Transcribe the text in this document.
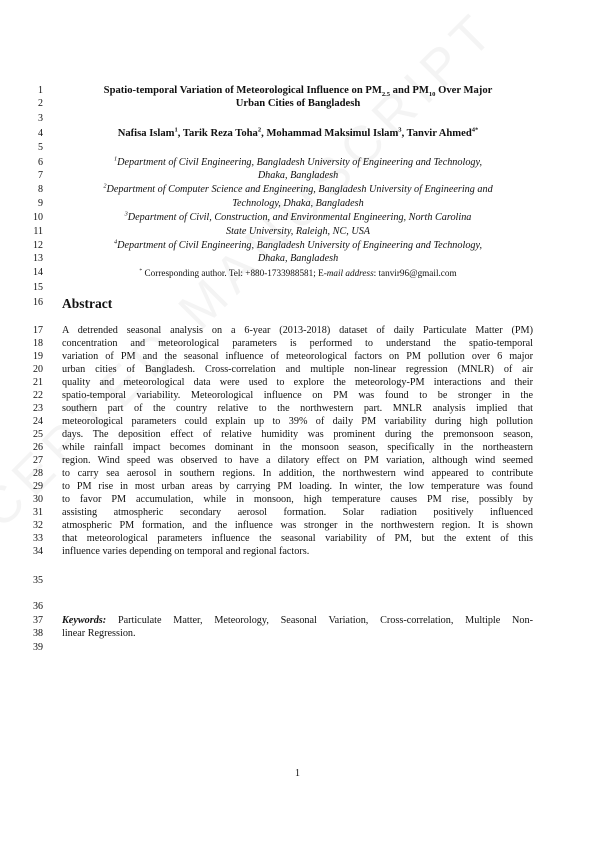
1
2
3
4
5
6
7
8
9
10
11
12
13
14
15
16
17
18
19
20
21
22
23
24
25
26
27
28
29
30
31
32
33
34
35
36
37
38
39
Spatio-temporal Variation of Meteorological Influence on $PM_{2.5}$ and $PM_{10}$ Over Major
Urban Cities of Bangladesh
Nafisa Islam$^1$, Tarik Reza Toha$^2$, Mohammad Maksimul Islam$^3$, Tanvir Ahmed$^{4*}$
$^1$Department of Civil Engineering, Bangladesh University of Engineering and Technology,
Dhaka, Bangladesh
$^2$Department of Computer Science and Engineering, Bangladesh University of Engineering and
Technology, Dhaka, Bangladesh
$^3$Department of Civil, Construction, and Environmental Engineering, North Carolina
State University, Raleigh, NC, USA
$^4$Department of Civil Engineering, Bangladesh University of Engineering and Technology,
Dhaka, Bangladesh
* Corresponding author. Tel: +880-1733988581; E-mail address: tanvir96@gmail.com
Abstract
A detrended seasonal analysis on a 6-year (2013-2018) dataset of daily Particulate Matter (PM)
concentration and meteorological parameters is performed to understand the spatio-temporal
variation of PM and the seasonal influence of meteorological factors on PM pollution over 6 major
urban cities of Bangladesh. Cross-correlation and multiple non-linear regression (MNLR) of air
quality and meteorological data were used to explore the meteorology-PM interactions and their
spatio-temporal variability. Meteorological influence on PM was found to be stronger in the
southern part of the country relative to the northwestern part. MNLR analysis implied that
meteorological parameters could explain up to 39% of daily PM variability during high pollution
days. The deposition effect of relative humidity was prominent during the premonsoon season,
while rainfall impact becomes dominant in the monsoon season, specifically in the northeastern
region. Wind speed was observed to have a dilatory effect on PM variation, although wind seemed
to carry sea aerosol in southern regions. In addition, the northwestern wind appeared to contribute
to PM rise in most urban areas by carrying PM loading. In winter, the low temperature was found
to favor PM accumulation, while in monsoon, high temperature causes PM rise, possibly by
assisting atmospheric secondary aerosol formation. Solar radiation positively influenced
atmospheric PM formation, and the influence was stronger in the northwestern region. It is shown
that meteorological parameters influence the seasonal variability of PM, but the extent of this
influence varies depending on temporal and regional factors.
Keywords: Particulate Matter, Meteorology, Seasonal Variation, Cross-correlation, Multiple Non-
linear Regression.
1
